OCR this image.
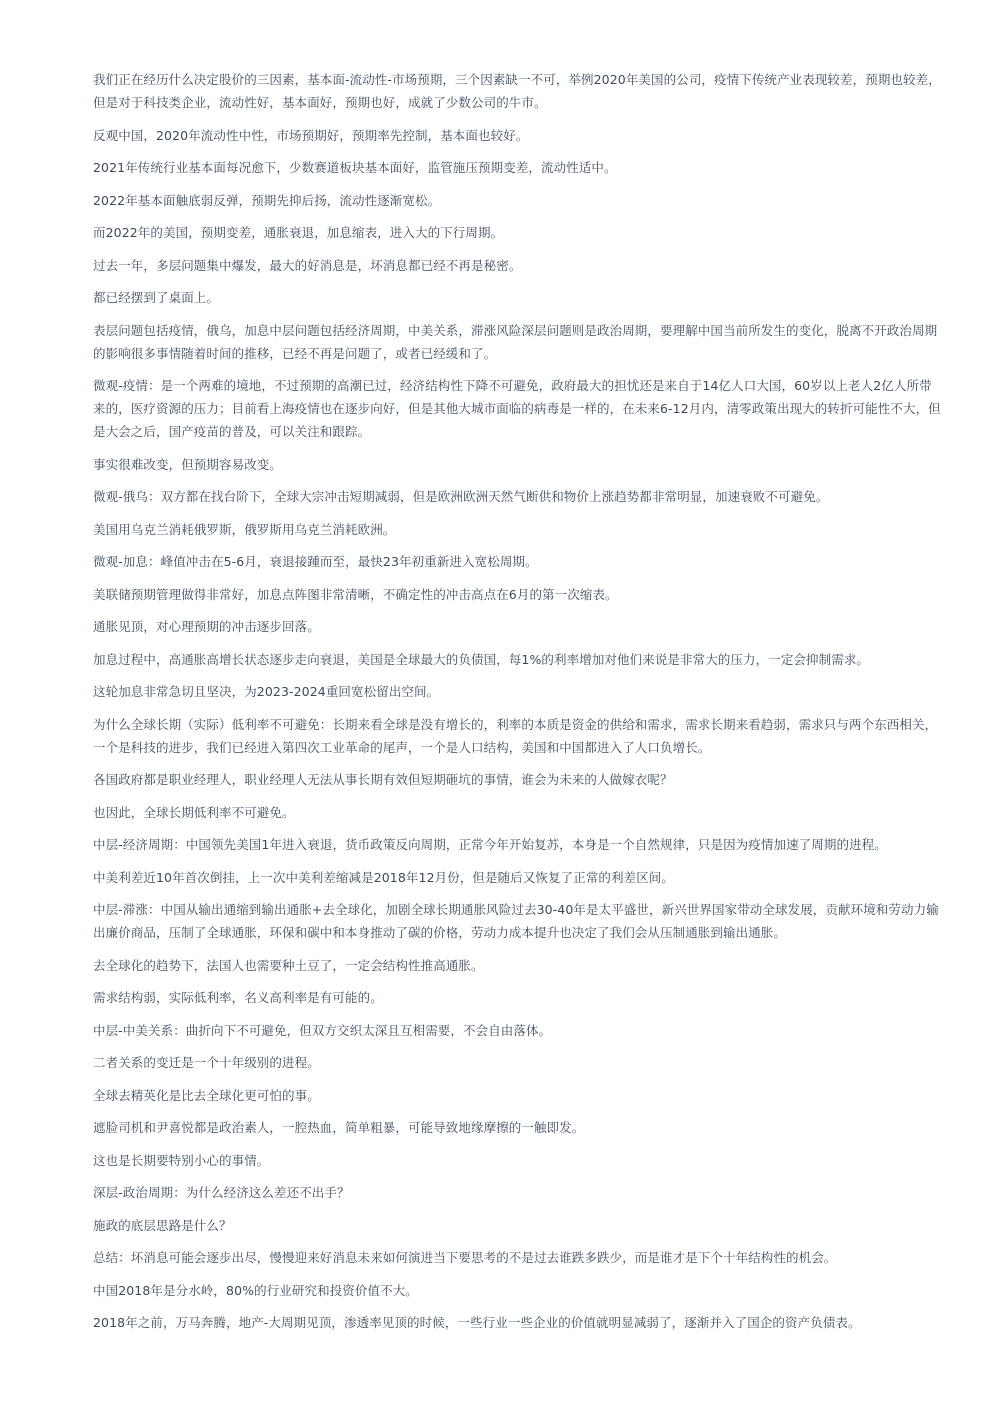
我们正在经历什么决定股价的三因素，基本面-流动性-市场预期，三个因素缺一不可，举例2020年美国的公司，疫情下传统产业表现较差，预期也较差，但是对于科技类企业，流动性好，基本面好，预期也好，成就了少数公司的牛市。

反观中国，2020年流动性中性，市场预期好，预期率先控制，基本面也较好。

2021年传统行业基本面每况愈下，少数赛道板块基本面好，监管施压预期变差，流动性适中。

2022年基本面触底弱反弹，预期先抑后扬，流动性逐渐宽松。

而2022年的美国，预期变差，通胀衰退，加息缩表，进入大的下行周期。

过去一年，多层问题集中爆发，最大的好消息是，坏消息都已经不再是秘密。

都已经摆到了桌面上。

表层问题包括疫情，俄乌，加息中层问题包括经济周期，中美关系，滞涨风险深层问题则是政治周期，要理解中国当前所发生的变化，脱离不开政治周期的影响很多事情随着时间的推移，已经不再是问题了，或者已经缓和了。

微观-疫情：是一个两难的境地，不过预期的高潮已过，经济结构性下降不可避免，政府最大的担忧还是来自于14亿人口大国，60岁以上老人2亿人所带来的，医疗资源的压力；目前看上海疫情也在逐步向好，但是其他大城市面临的病毒是一样的，在未来6-12月内，清零政策出现大的转折可能性不大，但是大会之后，国产疫苗的普及，可以关注和跟踪。

事实很难改变，但预期容易改变。

微观-俄乌：双方都在找台阶下，全球大宗冲击短期减弱，但是欧洲欧洲天然气断供和物价上涨趋势都非常明显，加速衰败不可避免。

美国用乌克兰消耗俄罗斯，俄罗斯用乌克兰消耗欧洲。

微观-加息：峰值冲击在5-6月，衰退接踵而至，最快23年初重新进入宽松周期。

美联储预期管理做得非常好，加息点阵图非常清晰，不确定性的冲击高点在6月的第一次缩表。

通胀见顶，对心理预期的冲击逐步回落。

加息过程中，高通胀高增长状态逐步走向衰退，美国是全球最大的负债国，每1%的利率增加对他们来说是非常大的压力，一定会抑制需求。

这轮加息非常急切且坚决，为2023-2024重回宽松留出空间。

为什么全球长期（实际）低利率不可避免：长期来看全球是没有增长的，利率的本质是资金的供给和需求，需求长期来看趋弱，需求只与两个东西相关，一个是科技的进步，我们已经进入第四次工业革命的尾声，一个是人口结构，美国和中国都进入了人口负增长。

各国政府都是职业经理人，职业经理人无法从事长期有效但短期砸坑的事情，谁会为未来的人做嫁衣呢？

也因此，全球长期低利率不可避免。

中层-经济周期：中国领先美国1年进入衰退，货币政策反向周期，正常今年开始复苏，本身是一个自然规律，只是因为疫情加速了周期的进程。

中美利差近10年首次倒挂，上一次中美利差缩减是2018年12月份，但是随后又恢复了正常的利差区间。

中层-滞涨：中国从输出通缩到输出通胀+去全球化，加剧全球长期通胀风险过去30-40年是太平盛世，新兴世界国家带动全球发展，贡献环境和劳动力输出廉价商品，压制了全球通胀，环保和碳中和本身推动了碳的价格，劳动力成本提升也决定了我们会从压制通胀到输出通胀。

去全球化的趋势下，法国人也需要种土豆了，一定会结构性推高通胀。

需求结构弱，实际低利率，名义高利率是有可能的。

中层-中美关系：曲折向下不可避免，但双方交织太深且互相需要，不会自由落体。

二者关系的变迁是一个十年级别的进程。

全球去精英化是比去全球化更可怕的事。

遮脸司机和尹喜悦都是政治素人，一腔热血，简单粗暴，可能导致地缘摩擦的一触即发。

这也是长期要特别小心的事情。

深层-政治周期：为什么经济这么差还不出手？

施政的底层思路是什么？

总结：坏消息可能会逐步出尽，慢慢迎来好消息未来如何演进当下要思考的不是过去谁跌多跌少，而是谁才是下个十年结构性的机会。

中国2018年是分水岭，80%的行业研究和投资价值不大。

2018年之前，万马奔腾，地产-大周期见顶，渗透率见顶的时候，一些行业一些企业的价值就明显减弱了，逐渐并入了国企的资产负债表。
